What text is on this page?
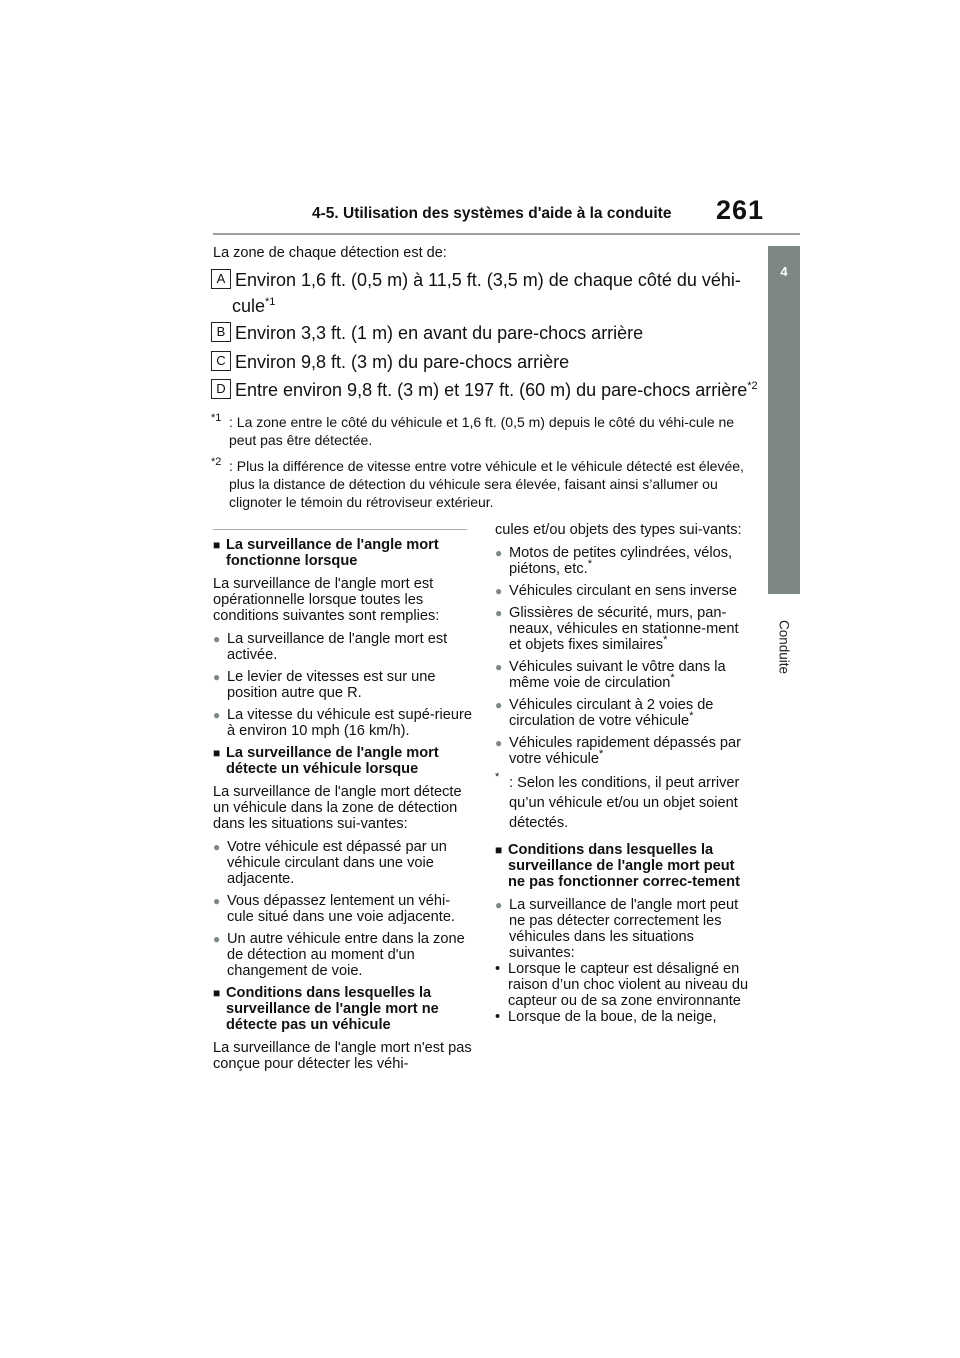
4-5. Utilisation des systèmes d'aide à la conduite 261
4
Conduite
La zone de chaque détection est de:
A Environ 1,6 ft. (0,5 m) à 11,5 ft. (3,5 m) de chaque côté du véhi-
cule$^{*1}$
B Environ 3,3 ft. (1 m) en avant du pare-chocs arrière
C Environ 9,8 ft. (3 m) du pare-chocs arrière
D Entre environ 9,8 ft. (3 m) et 197 ft. (60 m) du pare-chocs arrière$^{*2}$
*1 : La zone entre le côté du véhicule et 1,6 ft. (0,5 m) depuis le côté du véhi-cule ne peut pas être détectée.
*2 : Plus la différence de vitesse entre votre véhicule et le véhicule détecté est élevée, plus la distance de détection du véhicule sera élevée, faisant ainsi s’allumer ou clignoter le témoin du rétroviseur extérieur.

■ La surveillance de l'angle mort fonctionne lorsque

La surveillance de l'angle mort est opérationnelle lorsque toutes les conditions suivantes sont remplies:

● La surveillance de l'angle mort est activée.

● Le levier de vitesses est sur une position autre que R.

● La vitesse du véhicule est supé-rieure à environ 10 mph (16 km/h).

■ La surveillance de l'angle mort détecte un véhicule lorsque

La surveillance de l'angle mort détecte un véhicule dans la zone de détection dans les situations sui-vantes:

● Votre véhicule est dépassé par un véhicule circulant dans une voie adjacente.

● Vous dépassez lentement un véhi-cule situé dans une voie adjacente.

● Un autre véhicule entre dans la zone de détection au moment d'un changement de voie.

■ Conditions dans lesquelles la surveillance de l'angle mort ne détecte pas un véhicule

La surveillance de l'angle mort n'est pas conçue pour détecter les véhi-

cules et/ou objets des types sui-vants:

● Motos de petites cylindrées, vélos, piétons, etc.*

● Véhicules circulant en sens inverse

● Glissières de sécurité, murs, pan-neaux, véhicules en stationne-ment et objets fixes similaires*

● Véhicules suivant le vôtre dans la même voie de circulation*

● Véhicules circulant à 2 voies de circulation de votre véhicule*

● Véhicules rapidement dépassés par votre véhicule*

* : Selon les conditions, il peut arriver qu’un véhicule et/ou un objet soient détectés.

■ Conditions dans lesquelles la surveillance de l'angle mort peut ne pas fonctionner correc-tement

● La surveillance de l'angle mort peut ne pas détecter correctement les véhicules dans les situations suivantes:

• Lorsque le capteur est désaligné en raison d’un choc violent au niveau du capteur ou de sa zone environnante

• Lorsque de la boue, de la neige,
